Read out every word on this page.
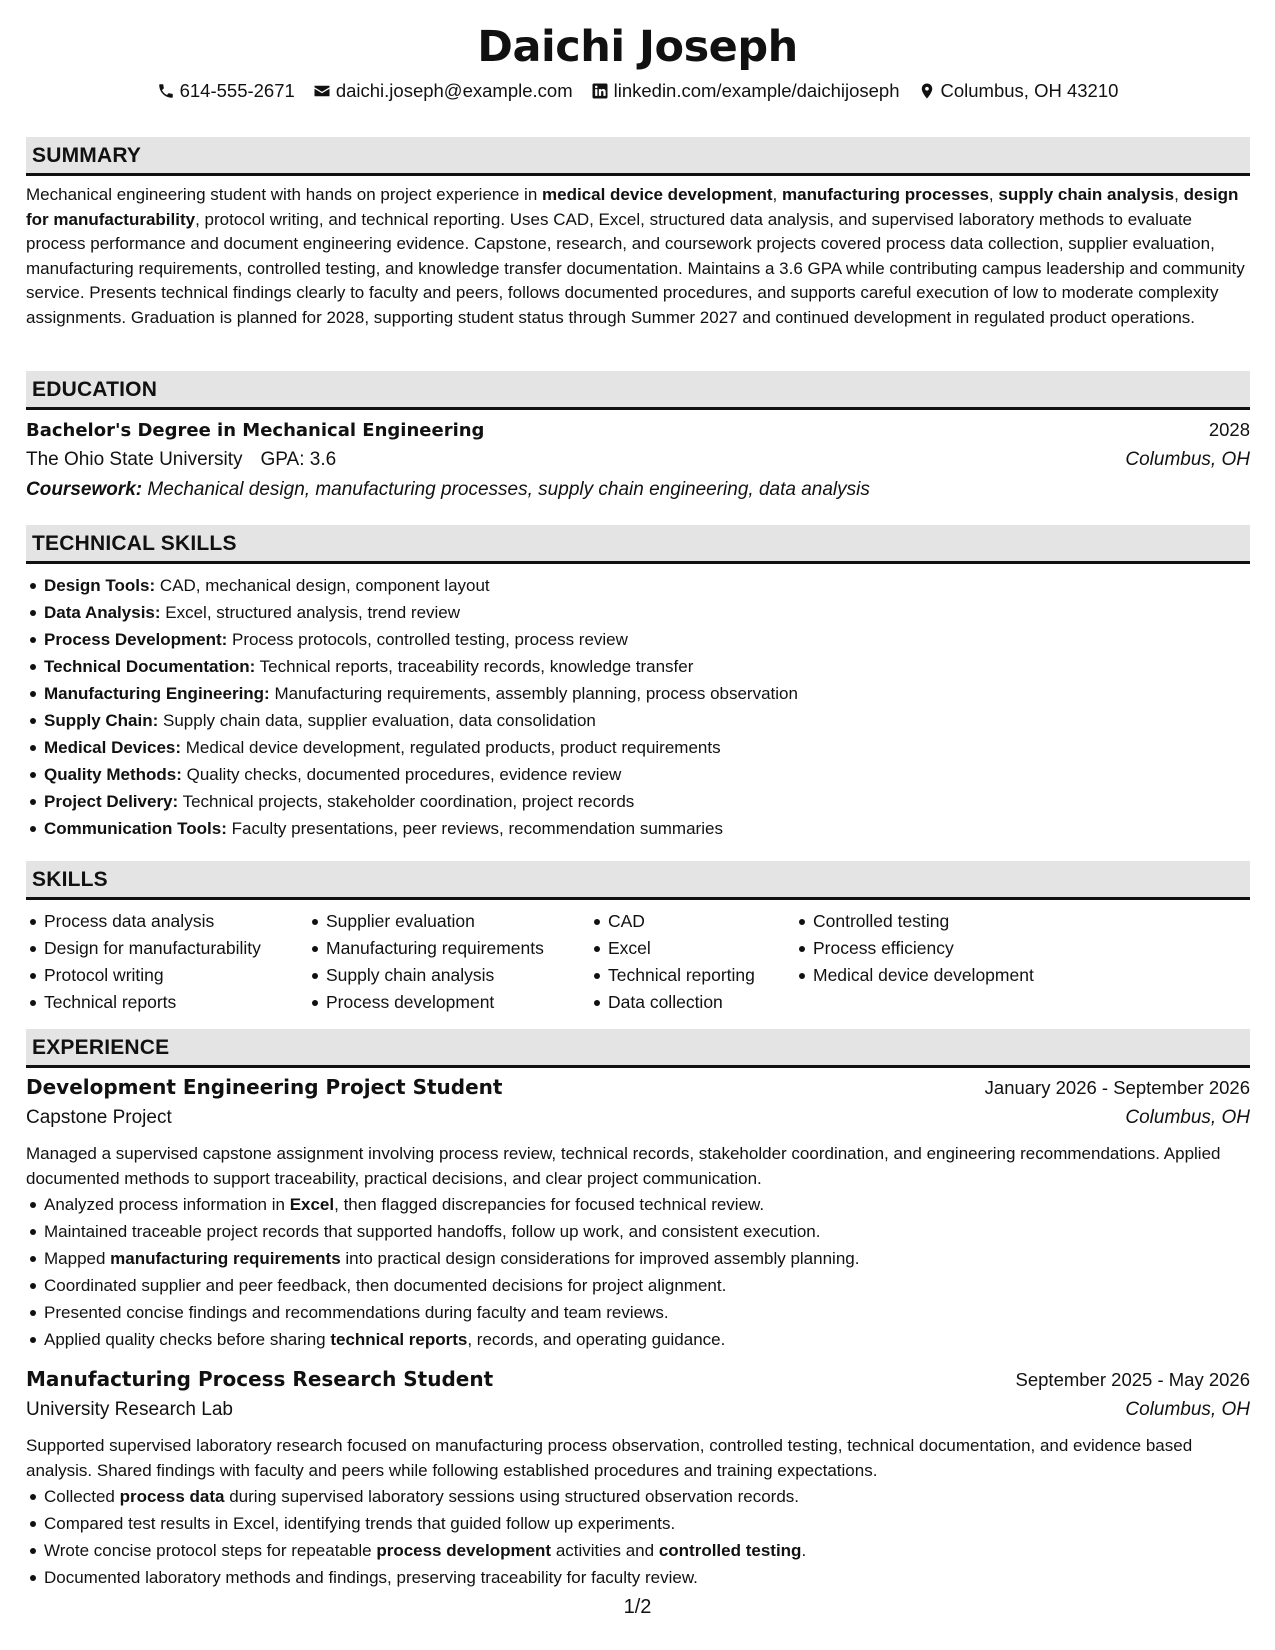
Daichi Joseph
614-555-2671 daichi.joseph@example.com linkedin.com/example/daichijoseph Columbus, OH 43210
SUMMARY
Mechanical engineering student with hands on project experience in medical device development, manufacturing processes, supply chain analysis, design for manufacturability, protocol writing, and technical reporting. Uses CAD, Excel, structured data analysis, and supervised laboratory methods to evaluate process performance and document engineering evidence. Capstone, research, and coursework projects covered process data collection, supplier evaluation, manufacturing requirements, controlled testing, and knowledge transfer documentation. Maintains a 3.6 GPA while contributing campus leadership and community service. Presents technical findings clearly to faculty and peers, follows documented procedures, and supports careful execution of low to moderate complexity assignments. Graduation is planned for 2028, supporting student status through Summer 2027 and continued development in regulated product operations.
EDUCATION
Bachelor's Degree in Mechanical Engineering	2028
The Ohio State University GPA: 3.6	Columbus, OH
Coursework: Mechanical design, manufacturing processes, supply chain engineering, data analysis
TECHNICAL SKILLS
Design Tools: CAD, mechanical design, component layout
Data Analysis: Excel, structured analysis, trend review
Process Development: Process protocols, controlled testing, process review
Technical Documentation: Technical reports, traceability records, knowledge transfer
Manufacturing Engineering: Manufacturing requirements, assembly planning, process observation
Supply Chain: Supply chain data, supplier evaluation, data consolidation
Medical Devices: Medical device development, regulated products, product requirements
Quality Methods: Quality checks, documented procedures, evidence review
Project Delivery: Technical projects, stakeholder coordination, project records
Communication Tools: Faculty presentations, peer reviews, recommendation summaries
SKILLS
Process data analysis
Design for manufacturability
Protocol writing
Technical reports
Supplier evaluation
Manufacturing requirements
Supply chain analysis
Process development
CAD
Excel
Technical reporting
Data collection
Controlled testing
Process efficiency
Medical device development
EXPERIENCE
Development Engineering Project Student	January 2026 - September 2026
Capstone Project	Columbus, OH
Managed a supervised capstone assignment involving process review, technical records, stakeholder coordination, and engineering recommendations. Applied documented methods to support traceability, practical decisions, and clear project communication.
Analyzed process information in Excel, then flagged discrepancies for focused technical review.
Maintained traceable project records that supported handoffs, follow up work, and consistent execution.
Mapped manufacturing requirements into practical design considerations for improved assembly planning.
Coordinated supplier and peer feedback, then documented decisions for project alignment.
Presented concise findings and recommendations during faculty and team reviews.
Applied quality checks before sharing technical reports, records, and operating guidance.
Manufacturing Process Research Student	September 2025 - May 2026
University Research Lab	Columbus, OH
Supported supervised laboratory research focused on manufacturing process observation, controlled testing, technical documentation, and evidence based analysis. Shared findings with faculty and peers while following established procedures and training expectations.
Collected process data during supervised laboratory sessions using structured observation records.
Compared test results in Excel, identifying trends that guided follow up experiments.
Wrote concise protocol steps for repeatable process development activities and controlled testing.
Documented laboratory methods and findings, preserving traceability for faculty review.
1/2
